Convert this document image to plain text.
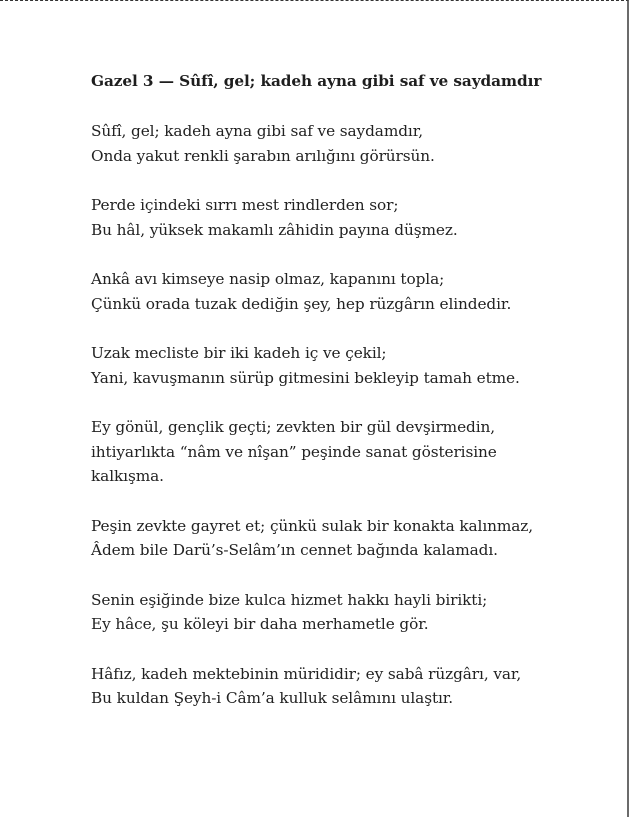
Gazel 3 — Sûfî, gel; kadeh ayna gibi saf ve saydamdır
Sûfî, gel; kadeh ayna gibi saf ve saydamdır,
Onda yakut renkli şarabın arılığını görürsün.
Perde içindeki sırrı mest rindlerden sor;
Bu hâl, yüksek makamlı zâhidin payına düşmez.
Ankâ avı kimseye nasip olmaz, kapanını topla;
Çünkü orada tuzak dediğin şey, hep rüzgârın elindedir.
Uzak mecliste bir iki kadeh iç ve çekil;
Yani, kavuşmanın sürüp gitmesini bekleyip tamah etme.
Ey gönül, gençlik geçti; zevkten bir gül devşirmedin,
ihtiyarlıkta “nâm ve nîşan” peşinde sanat gösterisine
kalkışma.
Peşin zevkte gayret et; çünkü sulak bir konakta kalınmaz,
Âdem bile Darü’s-Selâm’ın cennet bağında kalamadı.
Senin eşiğinde bize kulca hizmet hakkı hayli birikti;
Ey hâce, şu köleyi bir daha merhametle gör.
Hâfız, kadeh mektebinin mürididir; ey sabâ rüzgârı, var,
Bu kuldan Şeyh-i Câm’a kulluk selâmını ulaştır.
